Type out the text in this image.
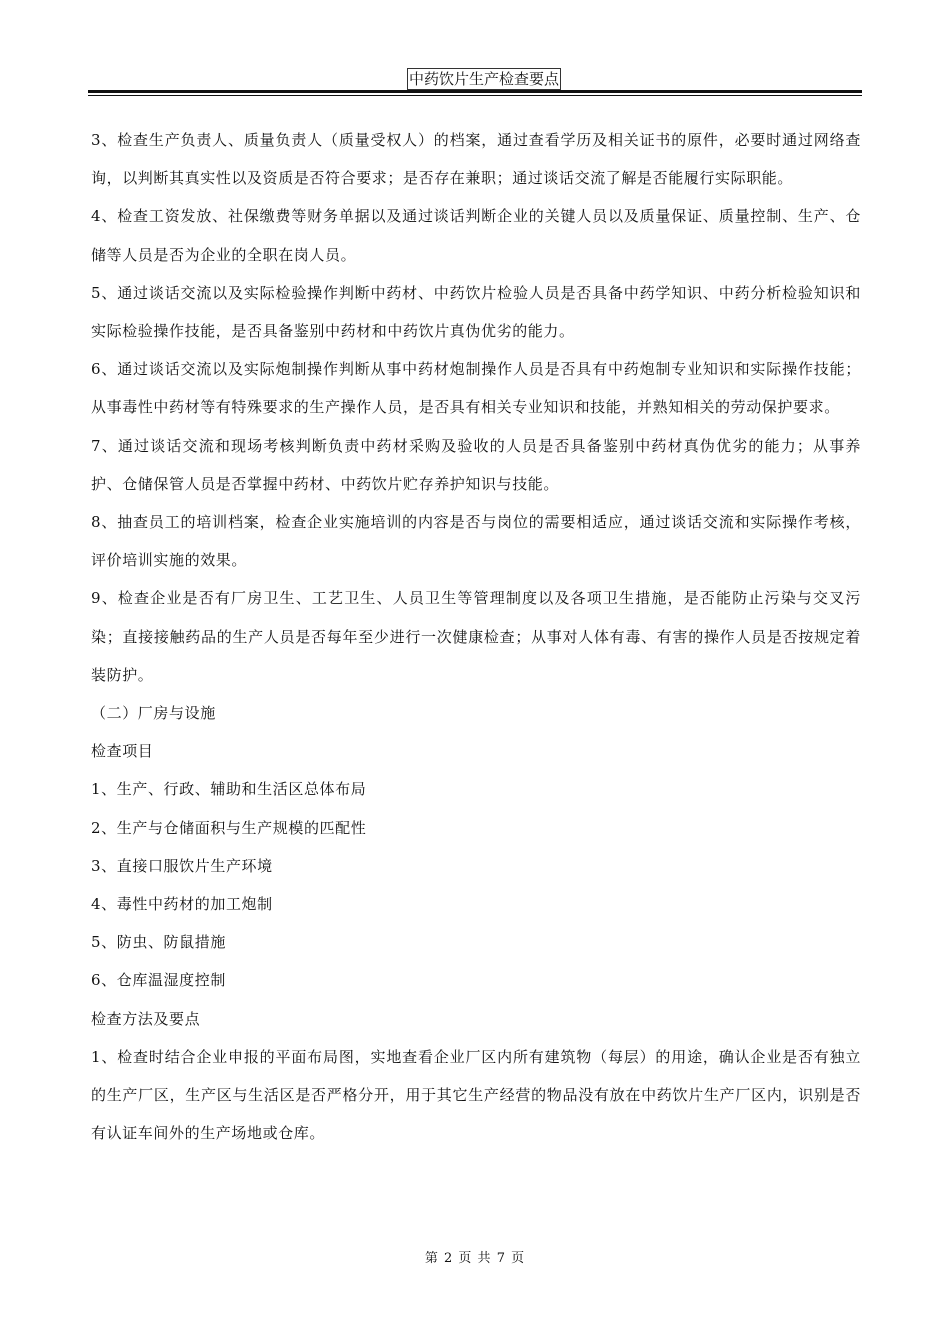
中药饮片生产检查要点

3、检查生产负责人、质量负责人（质量受权人）的档案，通过查看学历及相关证书的原件，必要时通过网络查询，以判断其真实性以及资质是否符合要求；是否存在兼职；通过谈话交流了解是否能履行实际职能。

4、检查工资发放、社保缴费等财务单据以及通过谈话判断企业的关键人员以及质量保证、质量控制、生产、仓储等人员是否为企业的全职在岗人员。

5、通过谈话交流以及实际检验操作判断中药材、中药饮片检验人员是否具备中药学知识、中药分析检验知识和实际检验操作技能，是否具备鉴别中药材和中药饮片真伪优劣的能力。

6、通过谈话交流以及实际炮制操作判断从事中药材炮制操作人员是否具有中药炮制专业知识和实际操作技能；从事毒性中药材等有特殊要求的生产操作人员，是否具有相关专业知识和技能，并熟知相关的劳动保护要求。

7、通过谈话交流和现场考核判断负责中药材采购及验收的人员是否具备鉴别中药材真伪优劣的能力；从事养护、仓储保管人员是否掌握中药材、中药饮片贮存养护知识与技能。

8、抽查员工的培训档案，检查企业实施培训的内容是否与岗位的需要相适应，通过谈话交流和实际操作考核，评价培训实施的效果。

9、检查企业是否有厂房卫生、工艺卫生、人员卫生等管理制度以及各项卫生措施，是否能防止污染与交叉污染；直接接触药品的生产人员是否每年至少进行一次健康检查；从事对人体有毒、有害的操作人员是否按规定着装防护。

（二）厂房与设施

检查项目

1、生产、行政、辅助和生活区总体布局

2、生产与仓储面积与生产规模的匹配性

3、直接口服饮片生产环境

4、毒性中药材的加工炮制

5、防虫、防鼠措施

6、仓库温湿度控制

检查方法及要点

1、检查时结合企业申报的平面布局图，实地查看企业厂区内所有建筑物（每层）的用途，确认企业是否有独立的生产厂区，生产区与生活区是否严格分开，用于其它生产经营的物品没有放在中药饮片生产厂区内，识别是否有认证车间外的生产场地或仓库。

第 2 页 共 7 页
